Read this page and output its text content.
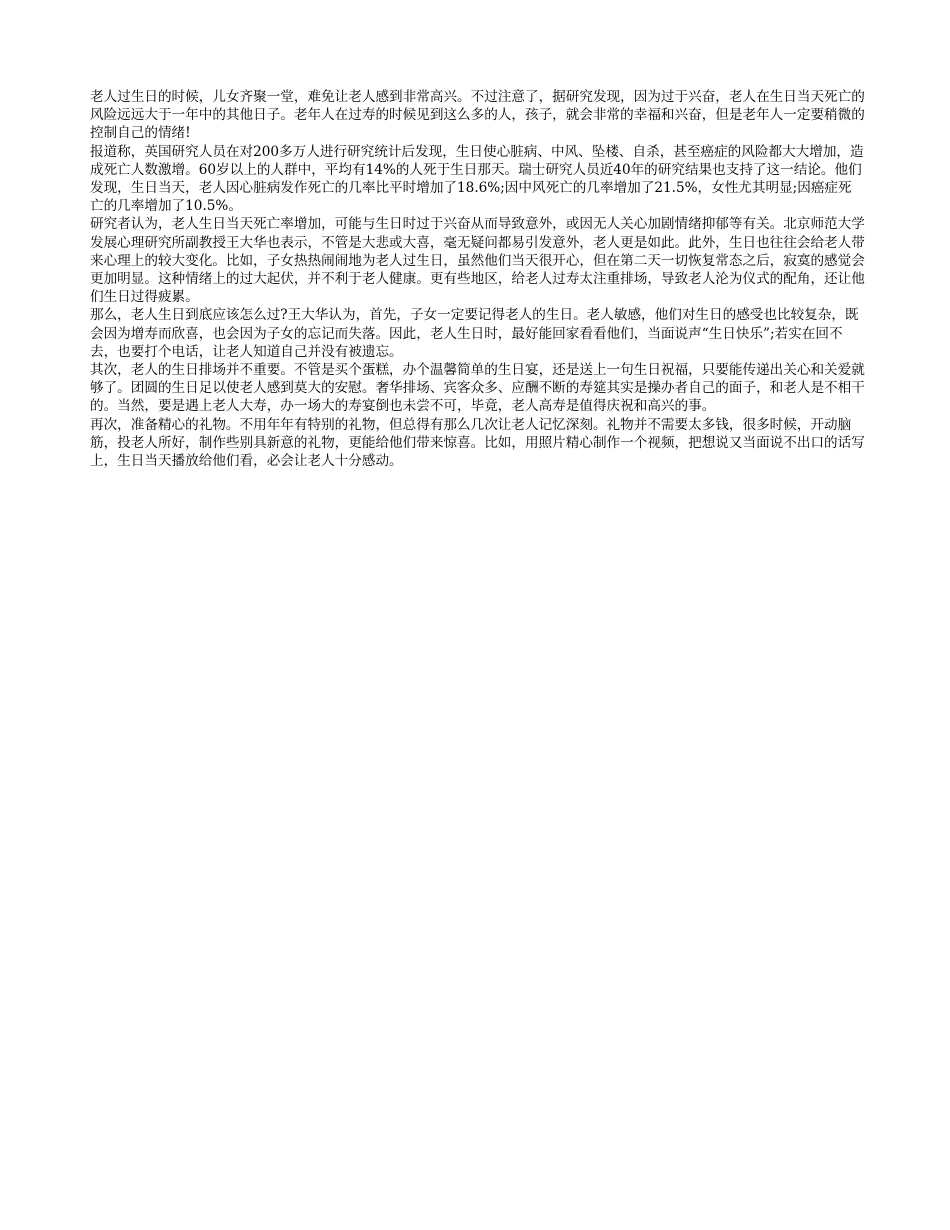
老人过生日的时候，儿女齐聚一堂，难免让老人感到非常高兴。不过注意了，据研究发现，因为过于兴奋，老人在生日当天死亡的风险远远大于一年中的其他日子。老年人在过寿的时候见到这么多的人，孩子，就会非常的幸福和兴奋，但是老年人一定要稍微的控制自己的情绪!

报道称，英国研究人员在对200多万人进行研究统计后发现，生日使心脏病、中风、坠楼、自杀，甚至癌症的风险都大大增加，造成死亡人数激增。60岁以上的人群中，平均有14%的人死于生日那天。瑞士研究人员近40年的研究结果也支持了这一结论。他们发现，生日当天，老人因心脏病发作死亡的几率比平时增加了18.6%;因中风死亡的几率增加了21.5%，女性尤其明显;因癌症死亡的几率增加了10.5%。

研究者认为，老人生日当天死亡率增加，可能与生日时过于兴奋从而导致意外，或因无人关心加剧情绪抑郁等有关。北京师范大学发展心理研究所副教授王大华也表示，不管是大悲或大喜，毫无疑问都易引发意外，老人更是如此。此外，生日也往往会给老人带来心理上的较大变化。比如，子女热热闹闹地为老人过生日，虽然他们当天很开心，但在第二天一切恢复常态之后，寂寞的感觉会更加明显。这种情绪上的过大起伏，并不利于老人健康。更有些地区，给老人过寿太注重排场，导致老人沦为仪式的配角，还让他们生日过得疲累。

那么，老人生日到底应该怎么过?王大华认为，首先，子女一定要记得老人的生日。老人敏感，他们对生日的感受也比较复杂，既会因为增寿而欣喜，也会因为子女的忘记而失落。因此，老人生日时，最好能回家看看他们，当面说声“生日快乐”;若实在回不去，也要打个电话，让老人知道自己并没有被遗忘。

其次，老人的生日排场并不重要。不管是买个蛋糕，办个温馨简单的生日宴，还是送上一句生日祝福，只要能传递出关心和关爱就够了。团圆的生日足以使老人感到莫大的安慰。奢华排场、宾客众多、应酬不断的寿筵其实是操办者自己的面子，和老人是不相干的。当然，要是遇上老人大寿，办一场大的寿宴倒也未尝不可，毕竟，老人高寿是值得庆祝和高兴的事。

再次，准备精心的礼物。不用年年有特别的礼物，但总得有那么几次让老人记忆深刻。礼物并不需要太多钱，很多时候，开动脑筋，投老人所好，制作些别具新意的礼物，更能给他们带来惊喜。比如，用照片精心制作一个视频，把想说又当面说不出口的话写上，生日当天播放给他们看，必会让老人十分感动。
